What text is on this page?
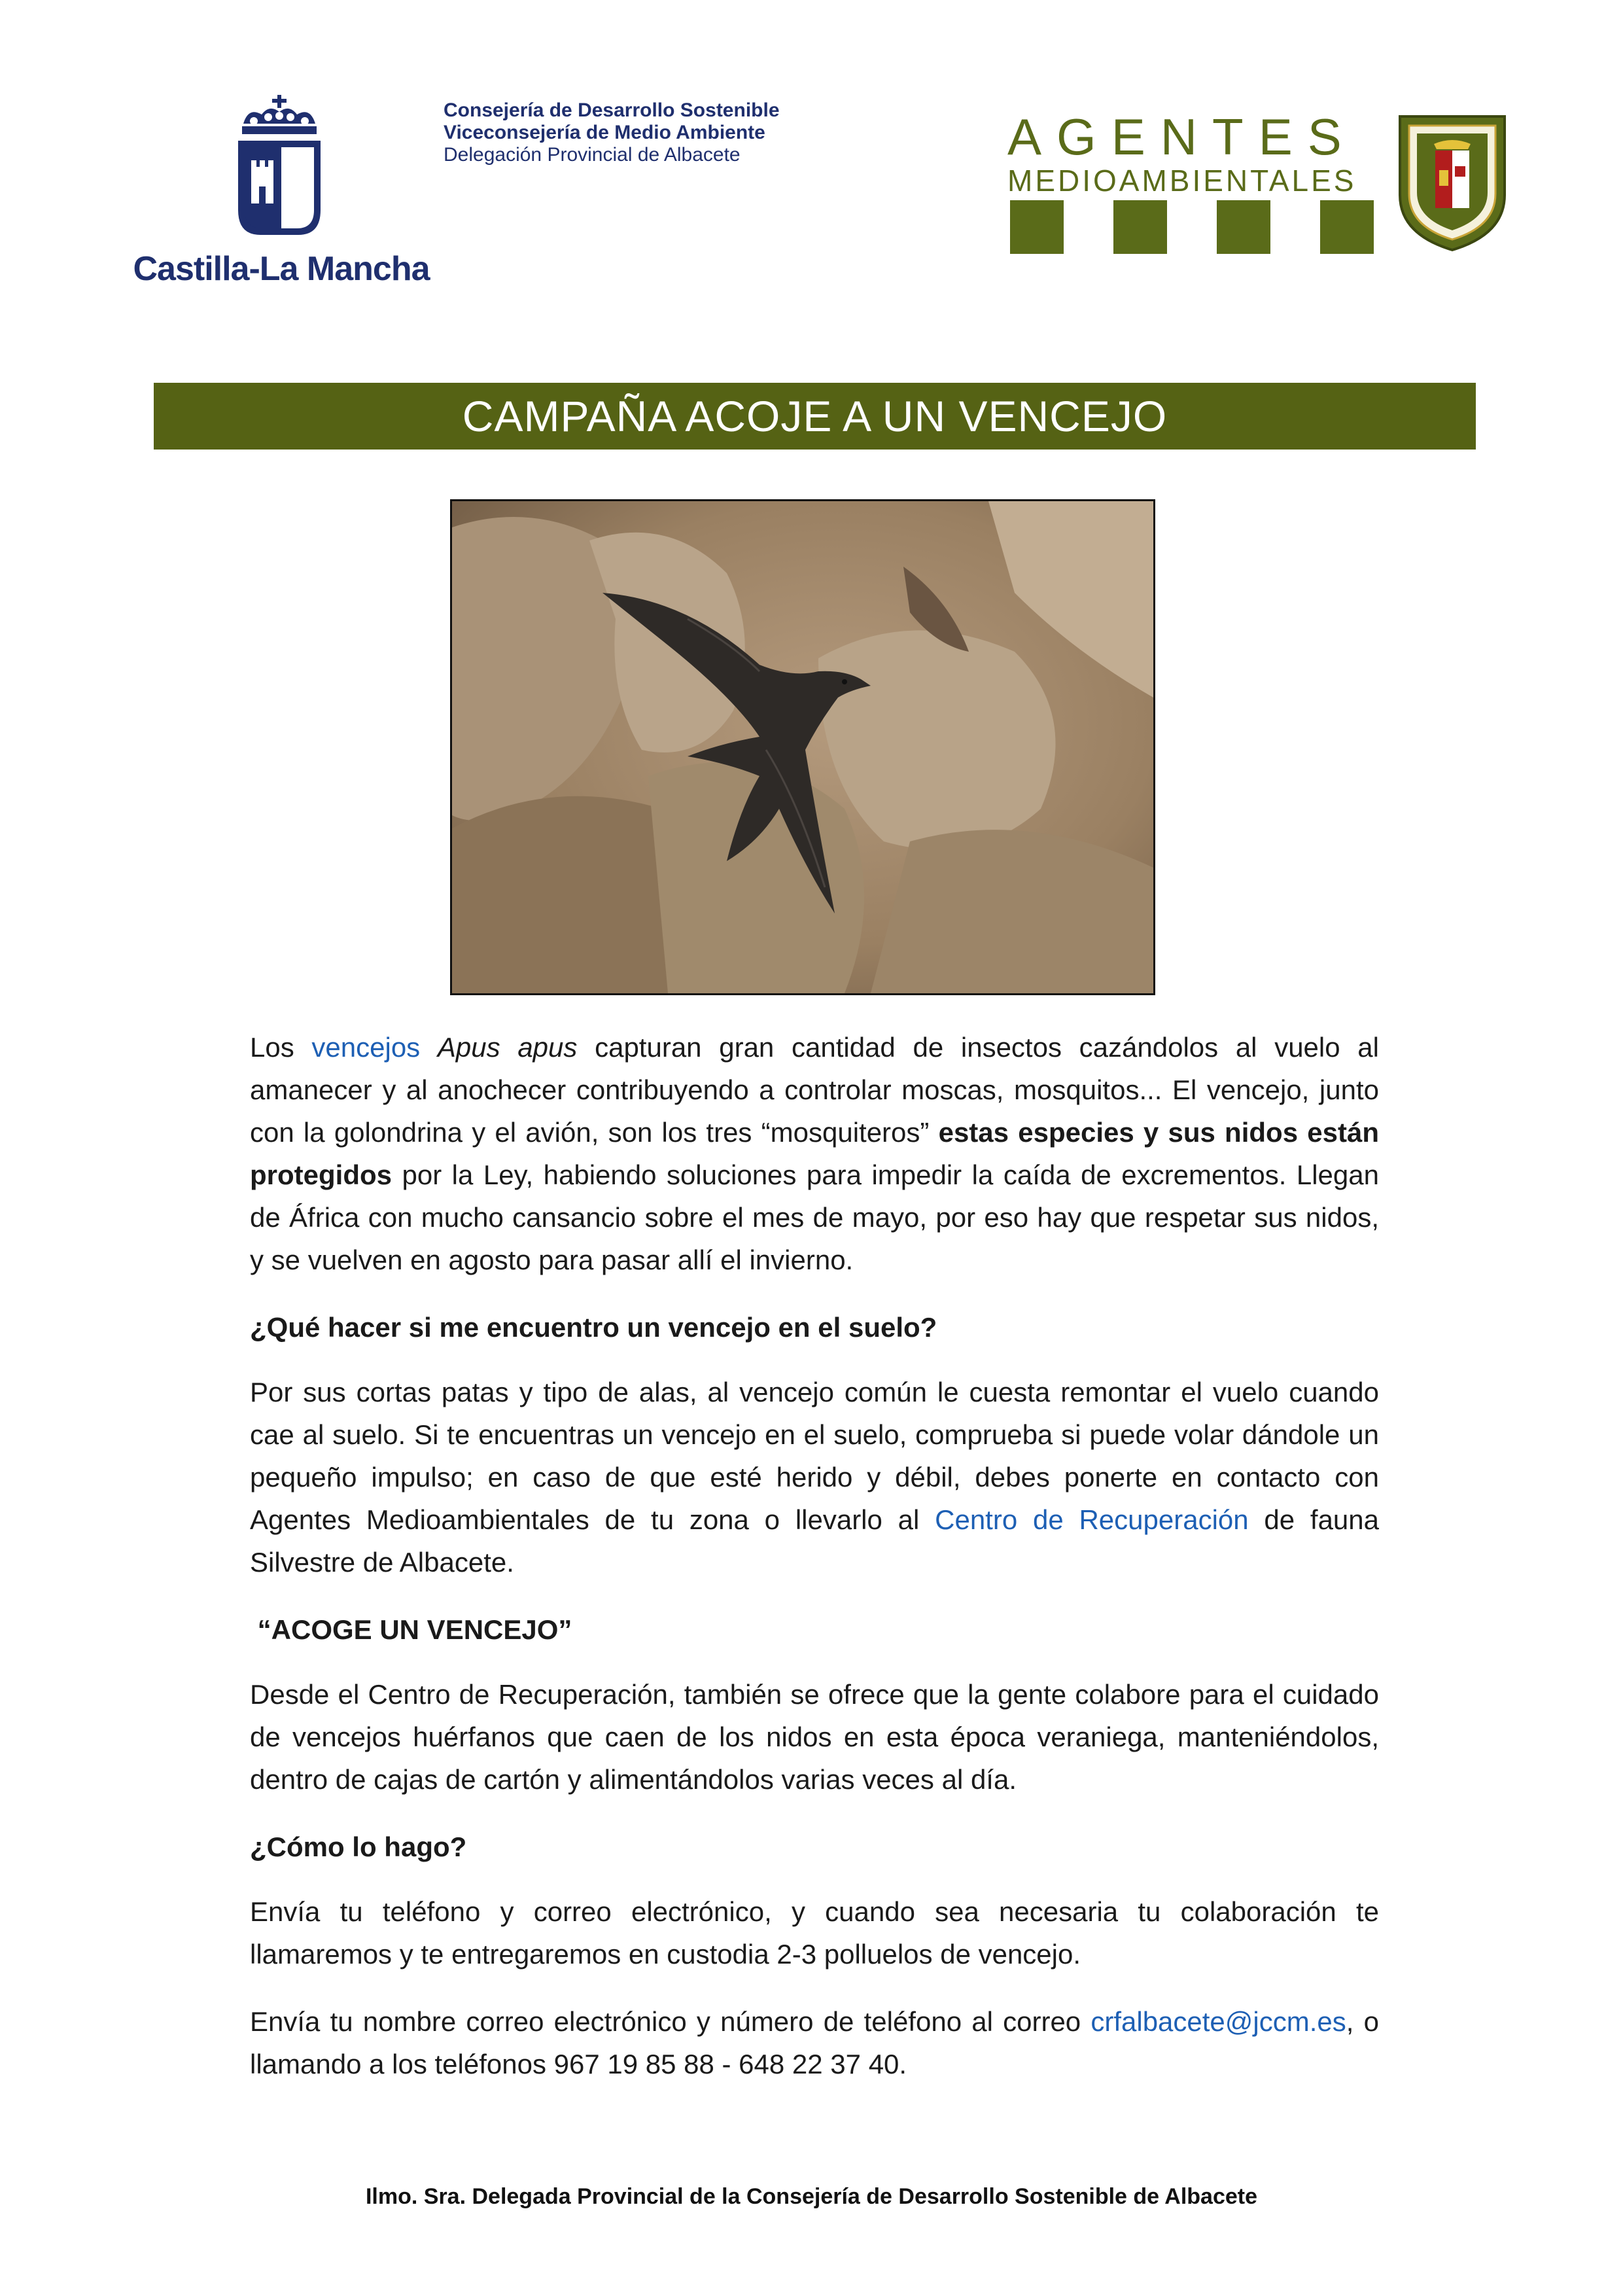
Castilla-La Mancha
Consejería de Desarrollo Sostenible
Viceconsejería de Medio Ambiente
Delegación Provincial de Albacete	AGENTES
MEDIOAMBIENTALES
CAMPAÑA ACOJE A UN VENCEJO

Los vencejos Apus apus capturan gran cantidad de insectos cazándolos al vuelo al amanecer y al anochecer contribuyendo a controlar moscas, mosquitos... El vencejo, junto con la golondrina y el avión, son los tres “mosquiteros” estas especies y sus nidos están protegidos por la Ley, habiendo soluciones para impedir la caída de excrementos. Llegan de África con mucho cansancio sobre el mes de mayo, por eso hay que respetar sus nidos, y se vuelven en agosto para pasar allí el invierno.

¿Qué hacer si me encuentro un vencejo en el suelo?

Por sus cortas patas y tipo de alas, al vencejo común le cuesta remontar el vuelo cuando cae al suelo. Si te encuentras un vencejo en el suelo, comprueba si puede volar dándole un pequeño impulso; en caso de que esté herido y débil, debes ponerte en contacto con Agentes Medioambientales de tu zona o llevarlo al Centro de Recuperación de fauna Silvestre de Albacete.

“ACOGE UN VENCEJO”

Desde el Centro de Recuperación, también se ofrece que la gente colabore para el cuidado de vencejos huérfanos que caen de los nidos en esta época veraniega, manteniéndolos, dentro de cajas de cartón y alimentándolos varias veces al día.

¿Cómo lo hago?

Envía tu teléfono y correo electrónico, y cuando sea necesaria tu colaboración te llamaremos y te entregaremos en custodia 2-3 polluelos de vencejo.

Envía tu nombre correo electrónico y número de teléfono al correo crfalbacete@jccm.es, o llamando a los teléfonos 967 19 85 88 - 648 22 37 40.

Ilmo. Sra. Delegada Provincial de la Consejería de Desarrollo Sostenible de Albacete
